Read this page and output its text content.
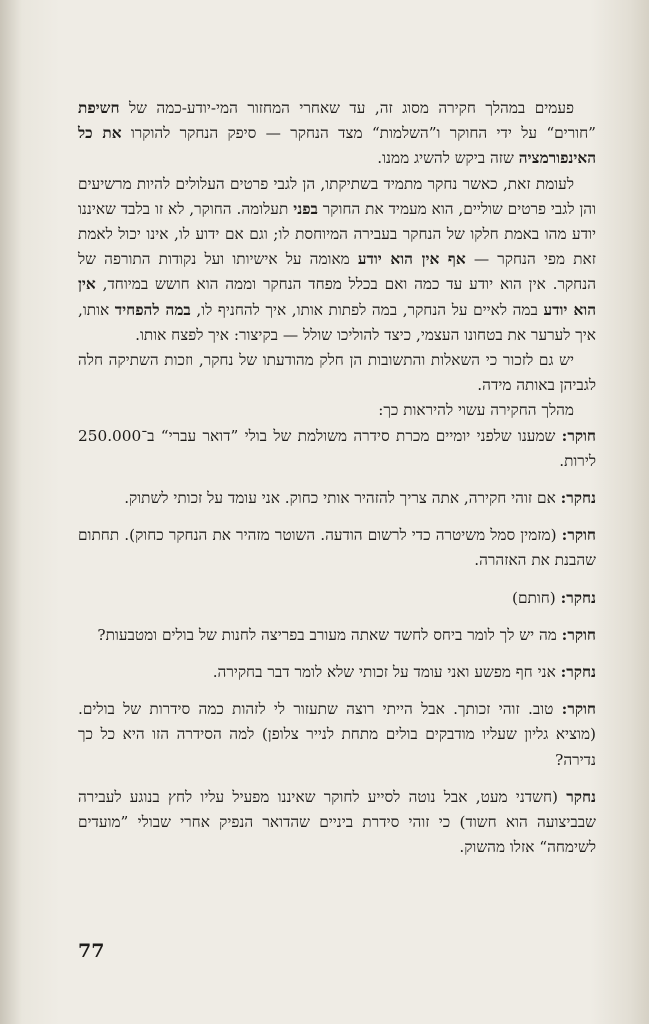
פעמים במהלך חקירה מסוג זה, עד שאחרי המחזור המי-יודע-כמה של חשיפת ”חורים“ על ידי החוקר ו”השלמות“ מצד הנחקר — סיפק הנחקר להוקרו את כל האינפורמציה שזה ביקש להשיג ממנו.

לעומת זאת, כאשר נחקר מתמיד בשתיקתו, הן לגבי פרטים העלולים להיות מרשיעים והן לגבי פרטים שוליים, הוא מעמיד את החוקר בפני תעלומה. החוקר, לא זו בלבד שאיננו יודע מהו באמת חלקו של הנחקר בעבירה המיוחסת לו; וגם אם ידוע לו, אינו יכול לאמת זאת מפי הנחקר — אף אין הוא יודע מאומה על אישיותו ועל נקודות התורפה של הנחקר. אין הוא יודע עד כמה ואם בכלל מפחד הנחקר וממה הוא חושש במיוחד, אין הוא יודע במה לאיים על הנחקר, במה לפתות אותו, איך להחניף לו, במה להפחיד אותו, איך לערער את בטחונו העצמי, כיצד להוליכו שולל — בקיצור: איך לפצח אותו.

יש גם לזכור כי השאלות והתשובות הן חלק מהודעתו של נחקר, וזכות השתיקה חלה לגביהן באותה מידה.

מהלך החקירה עשוי להיראות כך:

חוקר: שמענו שלפני יומיים מכרת סידרה משולמת של בולי ”דואר עברי“ ב־250.000 לירות.

נחקר: אם זוהי חקירה, אתה צריך להזהיר אותי כחוק. אני עומד על זכותי לשתוק.

חוקר: (מזמין סמל משיטרה כדי לרשום הודעה. השוטר מזהיר את הנחקר כחוק). תחתום שהבנת את האזהרה.

נחקר: (חותם)

חוקר: מה יש לך לומר ביחס לחשד שאתה מעורב בפריצה לחנות של בולים ומטבעות?

נחקר: אני חף מפשע ואני עומד על זכותי שלא לומר דבר בחקירה.

חוקר: טוב. זוהי זכותך. אבל הייתי רוצה שתעזור לי לזהות כמה סידרות של בולים. (מוציא גליון שעליו מודבקים בולים מתחת לנייר צלופן) למה הסידרה הזו היא כל כך נדירה?

נחקר (חשדני מעט, אבל נוטה לסייע לחוקר שאיננו מפעיל עליו לחץ בנוגע לעבירה שבביצועה הוא חשוד) כי זוהי סידרת ביניים שהדואר הנפיק אחרי שבולי ”מועדים לשימחה“ אזלו מהשוק.

77
